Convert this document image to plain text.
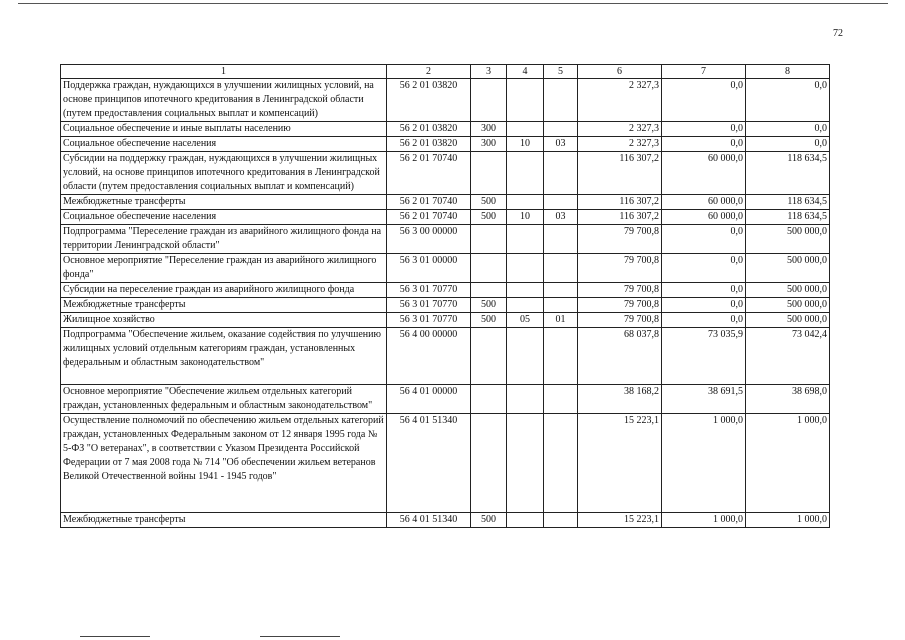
72
1	2	3	4	5	6	7	8
Поддержка граждан, нуждающихся в улучшении жилищных условий, на основе принципов ипотечного кредитования в Ленинградской области (путем предоставления социальных выплат и компенсаций)	56 2 01 03820				2 327,3	0,0	0,0
Социальное обеспечение и иные выплаты населению	56 2 01 03820	300			2 327,3	0,0	0,0
Социальное обеспечение населения	56 2 01 03820	300	10	03	2 327,3	0,0	0,0
Субсидии на поддержку граждан, нуждающихся в улучшении жилищных условий, на основе принципов ипотечного кредитования в Ленинградской области (путем предоставления социальных выплат и компенсаций)	56 2 01 70740				116 307,2	60 000,0	118 634,5
Межбюджетные трансферты	56 2 01 70740	500			116 307,2	60 000,0	118 634,5
Социальное обеспечение населения	56 2 01 70740	500	10	03	116 307,2	60 000,0	118 634,5
Подпрограмма "Переселение граждан из аварийного жилищного фонда на территории Ленинградской области"	56 3 00 00000				79 700,8	0,0	500 000,0
Основное мероприятие "Переселение граждан из аварийного жилищного фонда"	56 3 01 00000				79 700,8	0,0	500 000,0
Субсидии на переселение граждан из аварийного жилищного фонда	56 3 01 70770				79 700,8	0,0	500 000,0
Межбюджетные трансферты	56 3 01 70770	500			79 700,8	0,0	500 000,0
Жилищное хозяйство	56 3 01 70770	500	05	01	79 700,8	0,0	500 000,0
Подпрограмма "Обеспечение жильем, оказание содействия по улучшению жилищных условий отдельным категориям граждан, установленных федеральным и областным законодательством"	56 4 00 00000				68 037,8	73 035,9	73 042,4
Основное мероприятие "Обеспечение жильем отдельных категорий граждан, установленных федеральным и областным законодательством"	56 4 01 00000				38 168,2	38 691,5	38 698,0
Осуществление полномочий по обеспечению жильем отдельных категорий граждан, установленных Федеральным законом от 12 января 1995 года № 5-ФЗ "О ветеранах", в соответствии с Указом Президента Российской Федерации от 7 мая 2008 года № 714 "Об обеспечении жильем ветеранов Великой Отечественной войны 1941 - 1945 годов"	56 4 01 51340				15 223,1	1 000,0	1 000,0
Межбюджетные трансферты	56 4 01 51340	500			15 223,1	1 000,0	1 000,0
